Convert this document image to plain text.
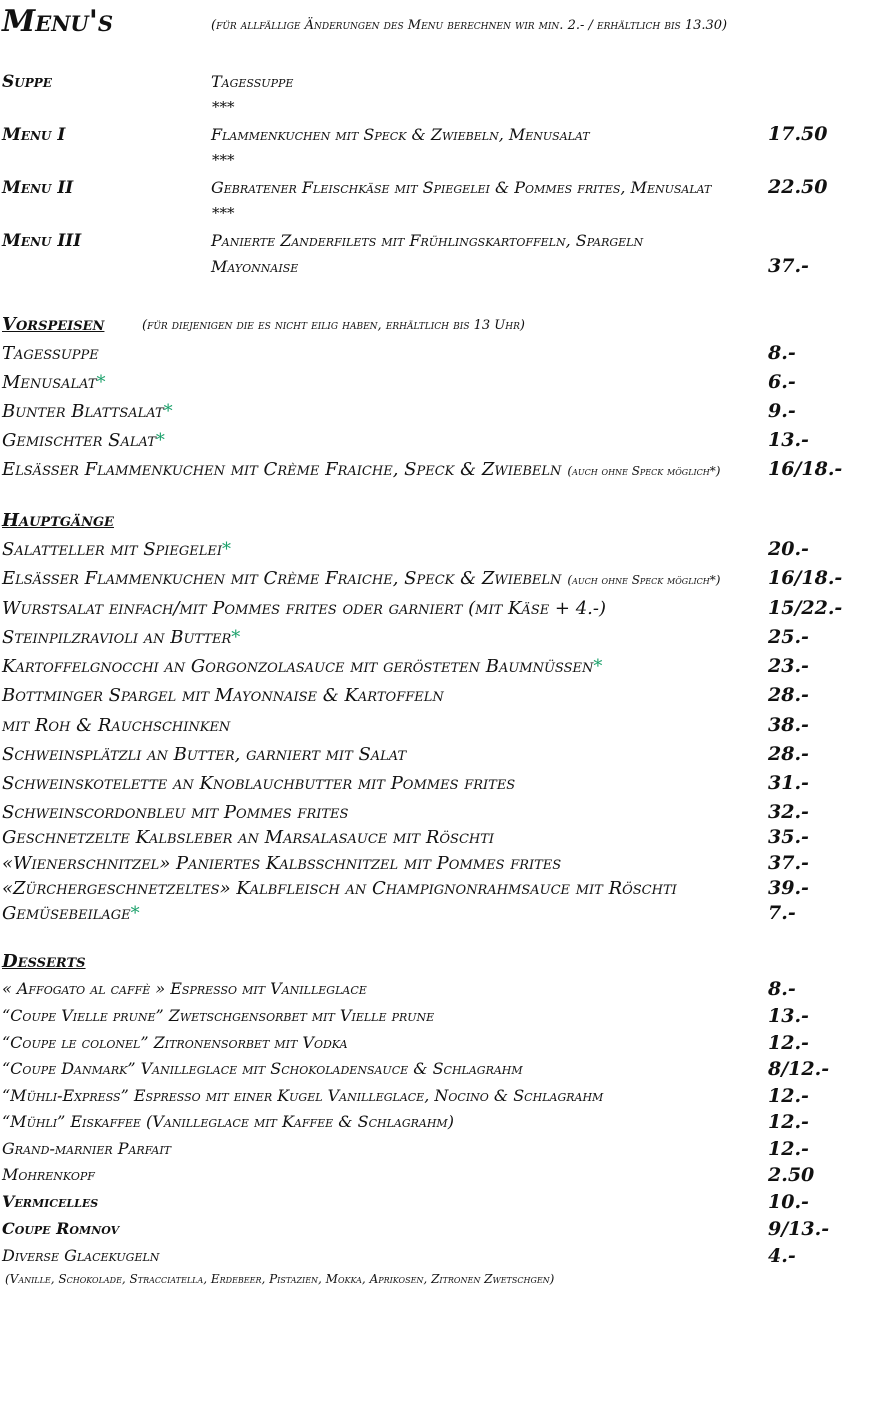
Menu's	(für allfällige Änderungen des Menu berechnen wir min. 2.- / erhältlich bis 13.30)
Suppe	Tagessuppe
***
Menu I	Flammenkuchen mit Speck & Zwiebeln, Menusalat	17.50
***
Menu II	Gebratener Fleischkäse mit Spiegelei & Pommes frites, Menusalat	22.50
***
Menu III	Panierte Zanderfilets mit Frühlingskartoffeln, Spargeln
Mayonnaise	37.-
Vorspeisen	(für diejenigen die es nicht eilig haben, erhältlich bis 13 Uhr)
Tagessuppe	8.-
Menusalat*	6.-
Bunter Blattsalat*	9.-
Gemischter Salat*	13.-
Elsässer Flammenkuchen mit Crème Fraiche, Speck & Zwiebeln (auch ohne Speck möglich*)	16/18.-
Hauptgänge
Salatteller mit Spiegelei*	20.-
Elsässer Flammenkuchen mit Crème Fraiche, Speck & Zwiebeln (auch ohne Speck möglich*)	16/18.-
Wurstsalat einfach/mit Pommes frites oder garniert (mit Käse + 4.-)	15/22.-
Steinpilzravioli an Butter*	25.-
Kartoffelgnocchi an Gorgonzolasauce mit gerösteten Baumnüssen*	23.-
Bottminger Spargel mit Mayonnaise & Kartoffeln	28.-
mit Roh & Rauchschinken	38.-
Schweinsplätzli an Butter, garniert mit Salat	28.-
Schweinskotelette an Knoblauchbutter mit Pommes frites	31.-
Schweinscordonbleu mit Pommes frites	32.-
Geschnetzelte Kalbsleber an Marsalasauce mit Röschti	35.-
«Wienerschnitzel» Paniertes Kalbsschnitzel mit Pommes frites	37.-
«Zürchergeschnetzeltes» Kalbfleisch an Champignonrahmsauce mit Röschti	39.-
Gemüsebeilage*	7.-
Desserts
« Affogato al caffè » Espresso mit Vanilleglace	8.-
“Coupe Vielle prune” Zwetschgensorbet mit Vielle prune	13.-
“Coupe le colonel” Zitronensorbet mit Vodka	12.-
“Coupe Danmark” Vanilleglace mit Schokoladensauce & Schlagrahm	8/12.-
“Mühli-Express” Espresso mit einer Kugel Vanilleglace, Nocino & Schlagrahm	12.-
“Mühli” Eiskaffee (Vanilleglace mit Kaffee & Schlagrahm)	12.-
Grand-marnier Parfait	12.-
Mohrenkopf	2.50
Vermicelles	10.-
Coupe Romnov	9/13.-
Diverse Glacekugeln	4.-
(Vanille, Schokolade, Stracciatella, Erdebeer, Pistazien, Mokka, Aprikosen, Zitronen Zwetschgen)
